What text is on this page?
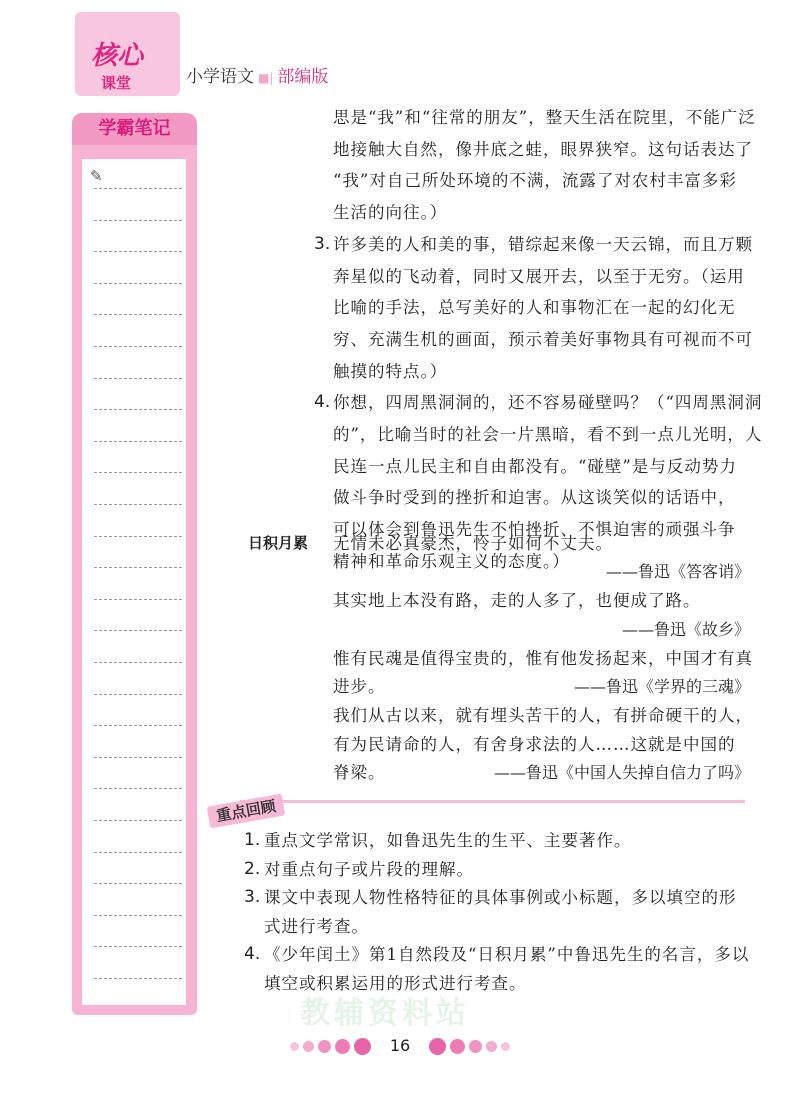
核心
课堂	小学语文 ■| 部编版
学霸笔记
✎
日积月累 无情未必真豪杰，怜子如何不丈夫。
——鲁迅《答客诮》
其实地上本没有路，走的人多了，也便成了路。
——鲁迅《故乡》
惟有民魂是值得宝贵的，惟有他发扬起来，中国才有真
进步。	——鲁迅《学界的三魂》
我们从古以来，就有埋头苦干的人，有拼命硬干的人，
有为民请命的人，有舍身求法的人……这就是中国的
脊梁。	——鲁迅《中国人失掉自信力了吗》
重点回顾
教辅资料站
16
思是“我”和“往常的朋友”，整天生活在院里，不能广泛
地接触大自然，像井底之蛙，眼界狭窄。这句话表达了
“我”对自己所处环境的不满，流露了对农村丰富多彩
生活的向往。）
3. 许多美的人和美的事，错综起来像一天云锦，而且万颗
奔星似的飞动着，同时又展开去，以至于无穷。（运用
比喻的手法，总写美好的人和事物汇在一起的幻化无
穷、充满生机的画面，预示着美好事物具有可视而不可
触摸的特点。）
4. 你想，四周黑洞洞的，还不容易碰壁吗？（“四周黑洞洞
的”，比喻当时的社会一片黑暗，看不到一点儿光明，人
民连一点儿民主和自由都没有。“碰壁”是与反动势力
做斗争时受到的挫折和迫害。从这谈笑似的话语中，
可以体会到鲁迅先生不怕挫折、不惧迫害的顽强斗争
精神和革命乐观主义的态度。）
1. 重点文学常识，如鲁迅先生的生平、主要著作。
2. 对重点句子或片段的理解。
3. 课文中表现人物性格特征的具体事例或小标题，多以填空的形
式进行考查。
4. 《少年闰土》第1自然段及“日积月累”中鲁迅先生的名言，多以
填空或积累运用的形式进行考查。
